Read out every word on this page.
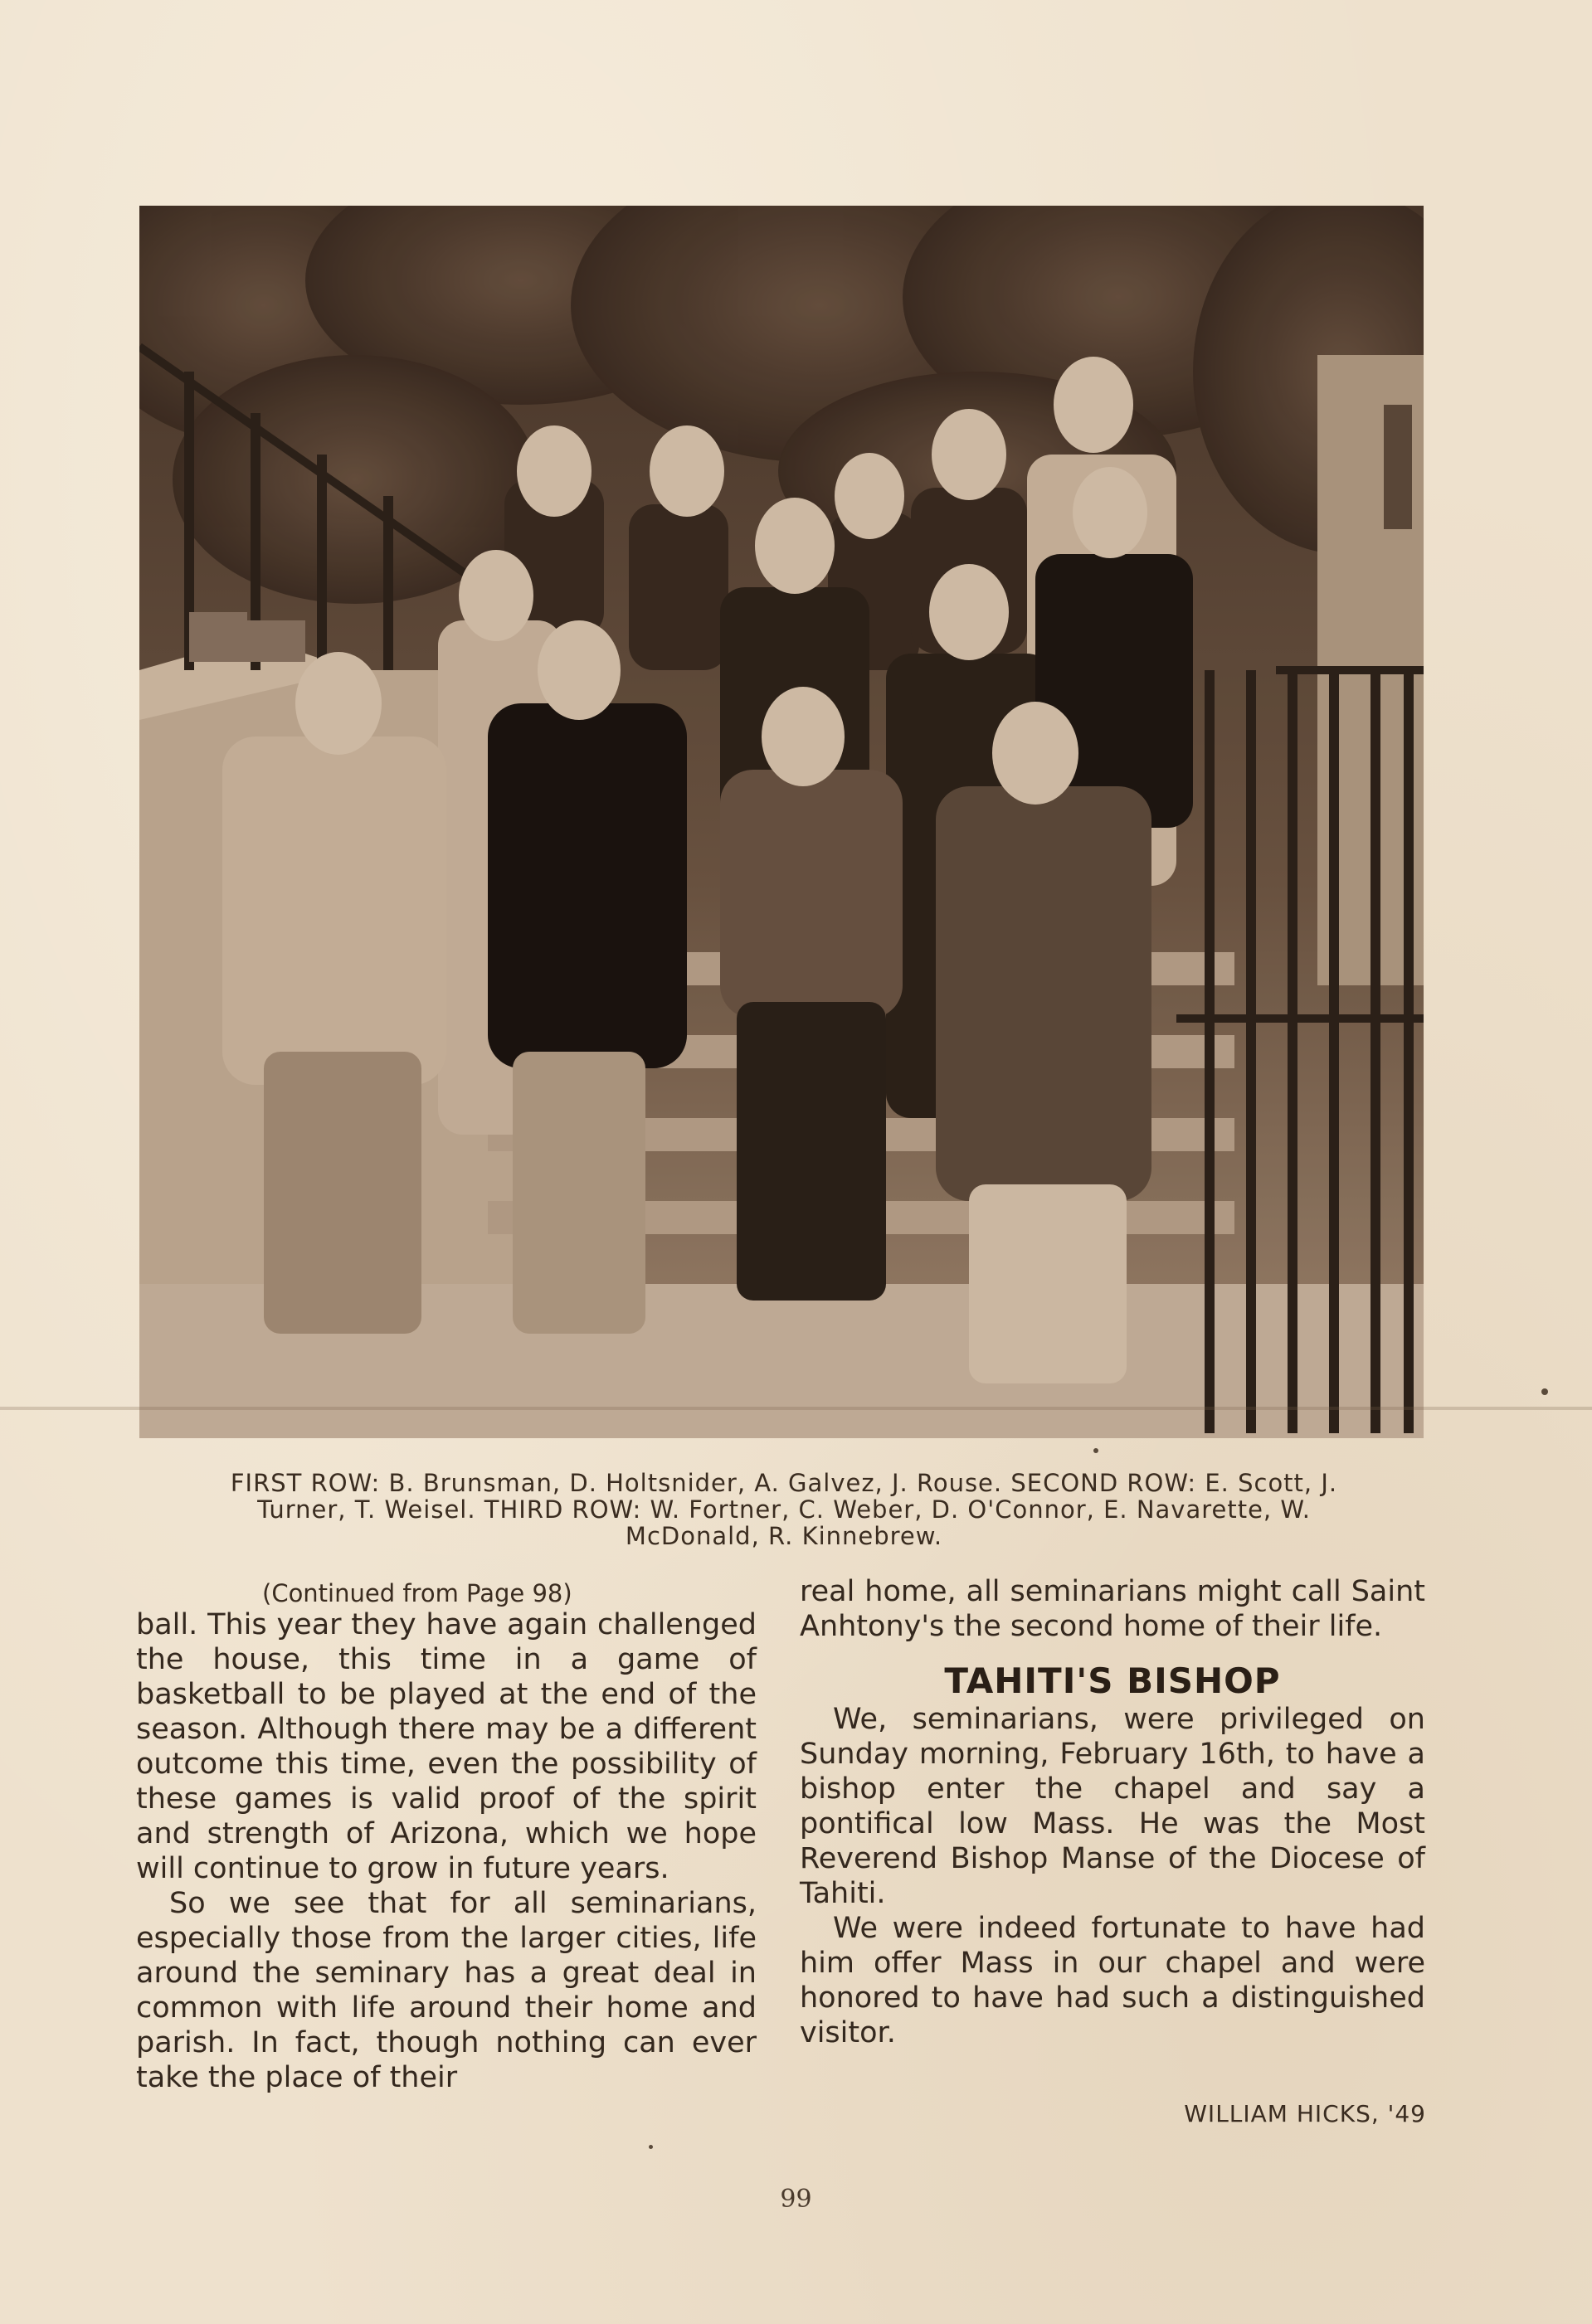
FIRST ROW: B. Brunsman, D. Holtsnider, A. Galvez, J. Rouse. SECOND ROW: E. Scott, J. Turner, T. Weisel. THIRD ROW: W. Fortner, C. Weber, D. O'Connor, E. Navarette, W. McDonald, R. Kinnebrew.
(Continued from Page 98)

ball. This year they have again challenged the house, this time in a game of basketball to be played at the end of the season. Although there may be a different outcome this time, even the possibility of these games is valid proof of the spirit and strength of Arizona, which we hope will continue to grow in future years.

So we see that for all seminarians, especially those from the larger cities, life around the seminary has a great deal in common with life around their home and parish. In fact, though nothing can ever take the place of their

real home, all seminarians might call Saint Anhtony's the second home of their life.

TAHITI'S BISHOP

We, seminarians, were privileged on Sunday morning, February 16th, to have a bishop enter the chapel and say a pontifical low Mass. He was the Most Reverend Bishop Manse of the Diocese of Tahiti.

We were indeed fortunate to have had him offer Mass in our chapel and were honored to have had such a distinguished visitor.

WILLIAM HICKS, '49
99
